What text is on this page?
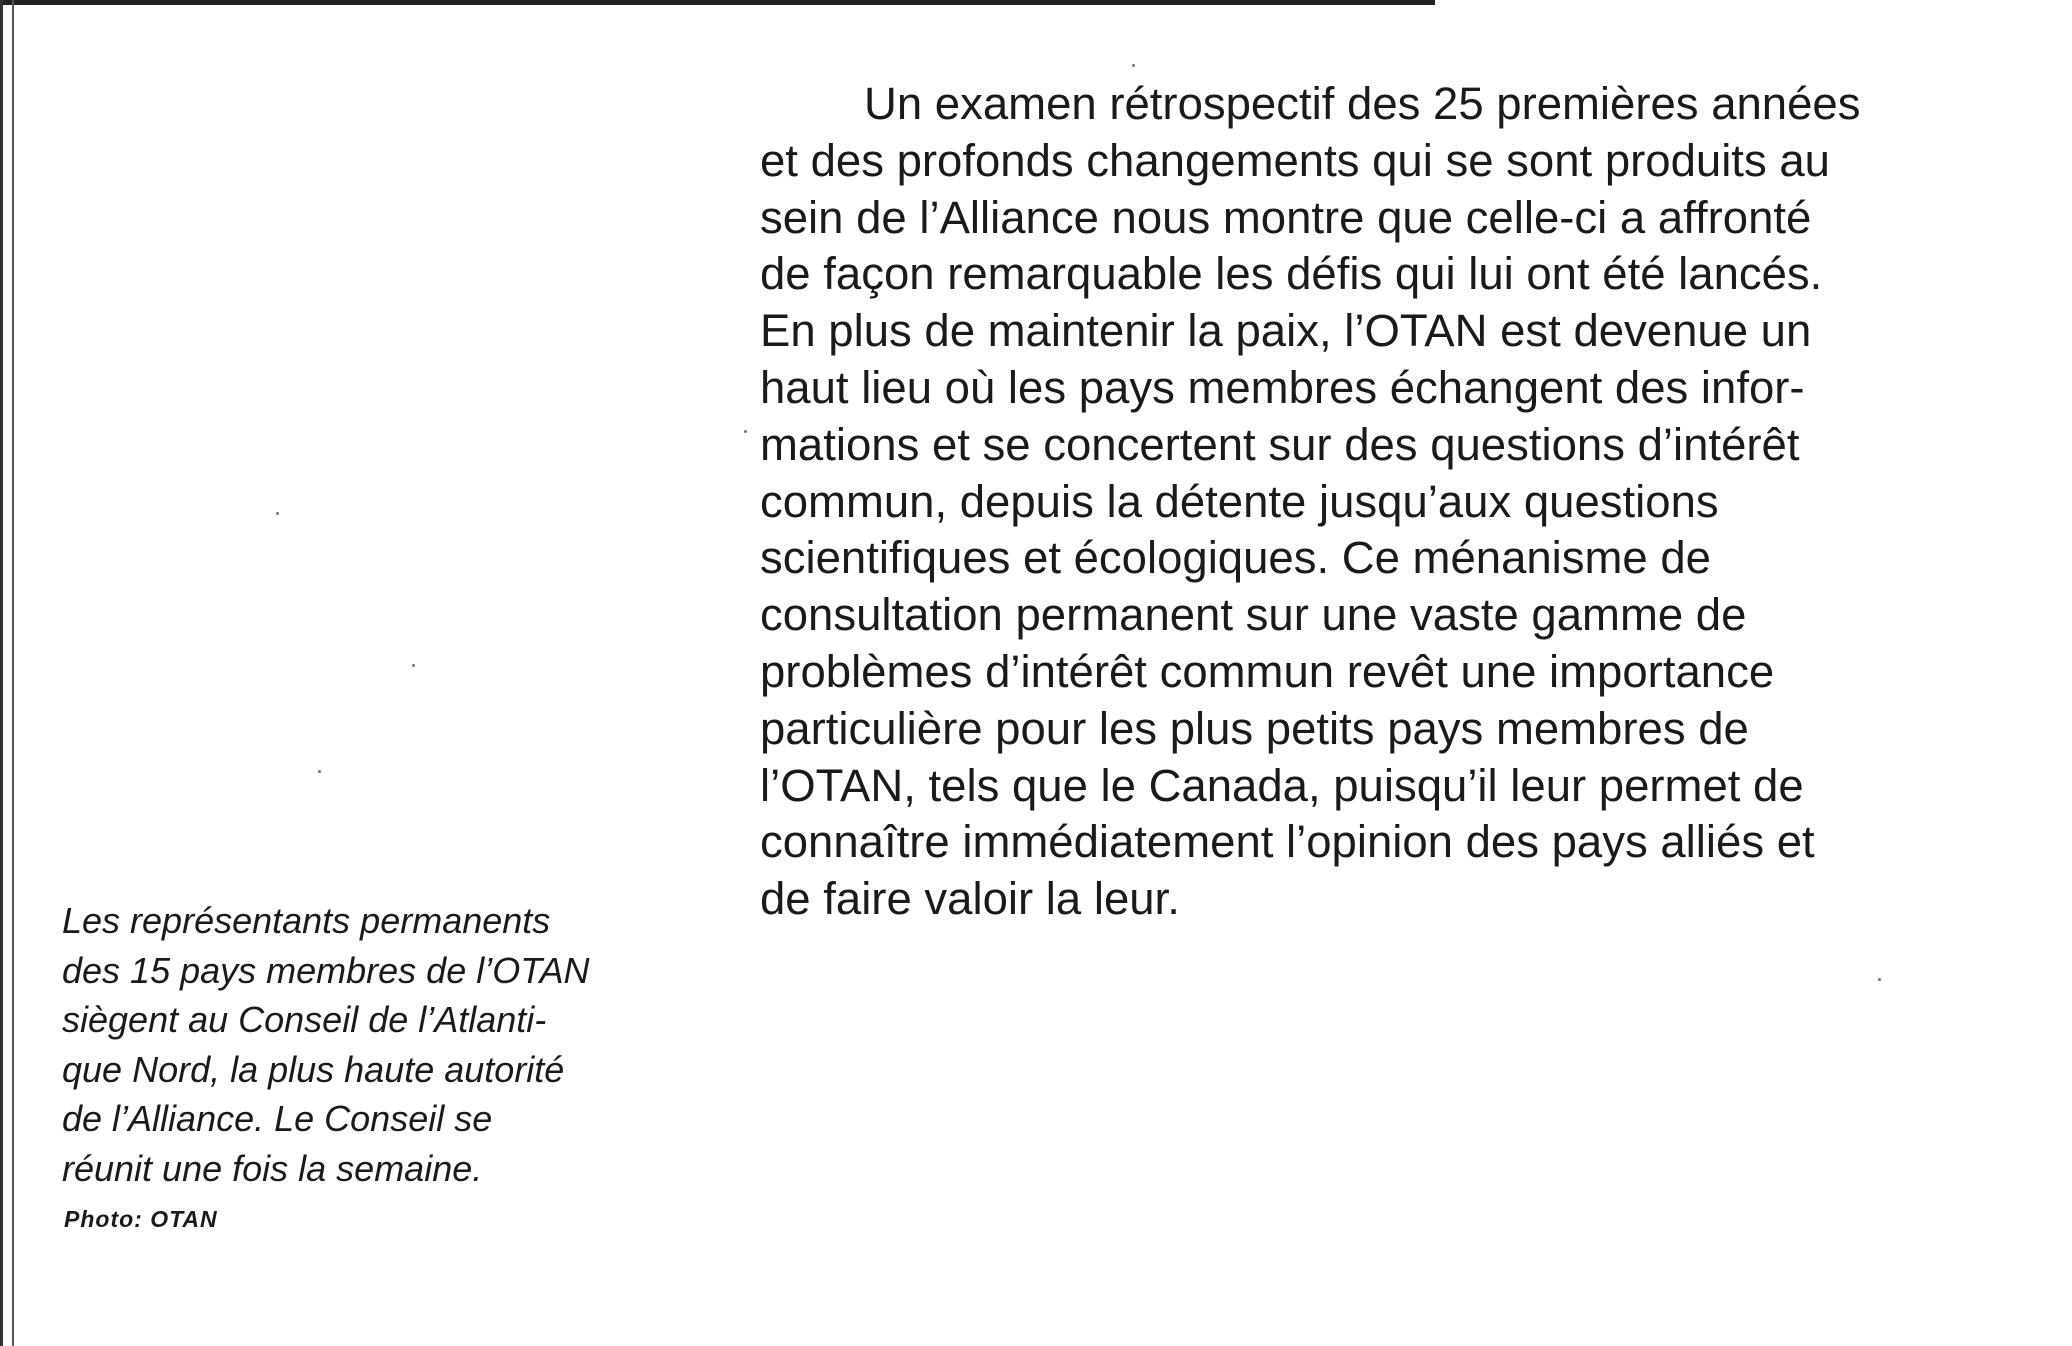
Un examen rétrospectif des 25 premières années
et des profonds changements qui se sont produits au
sein de l’Alliance nous montre que celle-ci a affronté
de façon remarquable les défis qui lui ont été lancés.
En plus de maintenir la paix, l’OTAN est devenue un
haut lieu où les pays membres échangent des infor-
mations et se concertent sur des questions d’intérêt
commun, depuis la détente jusqu’aux questions
scientifiques et écologiques. Ce ménanisme de
consultation permanent sur une vaste gamme de
problèmes d’intérêt commun revêt une importance
particulière pour les plus petits pays membres de
l’OTAN, tels que le Canada, puisqu’il leur permet de
connaître immédiatement l’opinion des pays alliés et
de faire valoir la leur.
Les représentants permanents
des 15 pays membres de l’OTAN
siègent au Conseil de l’Atlanti-
que Nord, la plus haute autorité
de l’Alliance. Le Conseil se
réunit une fois la semaine.
Photo: OTAN
